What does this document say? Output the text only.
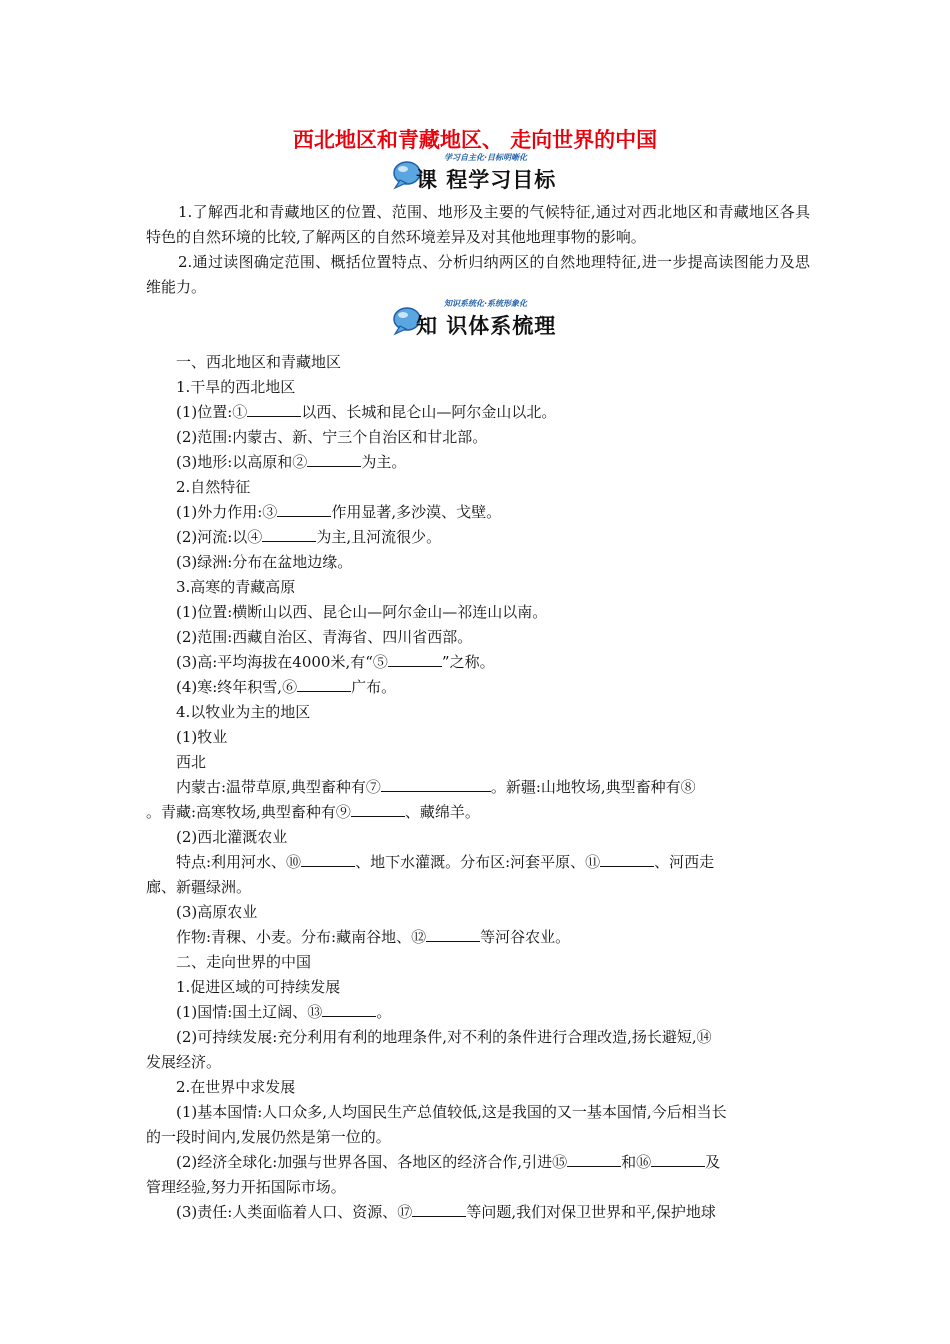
西北地区和青藏地区、 走向世界的中国
学习自主化·目标明晰化
课 程学习目标
1.了解西北和青藏地区的位置、范围、地形及主要的气候特征,通过对西北地区和青藏地区各具特色的自然环境的比较,了解两区的自然环境差异及对其他地理事物的影响。
2.通过读图确定范围、概括位置特点、分析归纳两区的自然地理特征,进一步提高读图能力及思维能力。
知识系统化·系统形象化
知 识体系梳理
一、西北地区和青藏地区
1.干旱的西北地区
(1)位置:①	以西、长城和昆仑山—阿尔金山以北。
(2)范围:内蒙古、新、宁三个自治区和甘北部。
(3)地形:以高原和②	为主。
2.自然特征
(1)外力作用:③	作用显著,多沙漠、戈壁。
(2)河流:以④	为主,且河流很少。
(3)绿洲:分布在盆地边缘。
3.高寒的青藏高原
(1)位置:横断山以西、昆仑山—阿尔金山—祁连山以南。
(2)范围:西藏自治区、青海省、四川省西部。
(3)高:平均海拔在4000米,有“⑤	”之称。
(4)寒:终年积雪,⑥	广布。
4.以牧业为主的地区
(1)牧业
西北
内蒙古:温带草原,典型畜种有⑦	。新疆:山地牧场,典型畜种有⑧
。青藏:高寒牧场,典型畜种有⑨	、藏绵羊。
(2)西北灌溉农业
特点:利用河水、⑩	、地下水灌溉。分布区:河套平原、⑪	、河西走
廊、新疆绿洲。
(3)高原农业
作物:青稞、小麦。分布:藏南谷地、⑫	等河谷农业。
二、走向世界的中国
1.促进区域的可持续发展
(1)国情:国土辽阔、⑬	。
(2)可持续发展:充分利用有利的地理条件,对不利的条件进行合理改造,扬长避短,⑭
发展经济。
2.在世界中求发展
(1)基本国情:人口众多,人均国民生产总值较低,这是我国的又一基本国情,今后相当长
的一段时间内,发展仍然是第一位的。
(2)经济全球化:加强与世界各国、各地区的经济合作,引进⑮	和⑯	及
管理经验,努力开拓国际市场。
(3)责任:人类面临着人口、资源、⑰	等问题,我们对保卫世界和平,保护地球
